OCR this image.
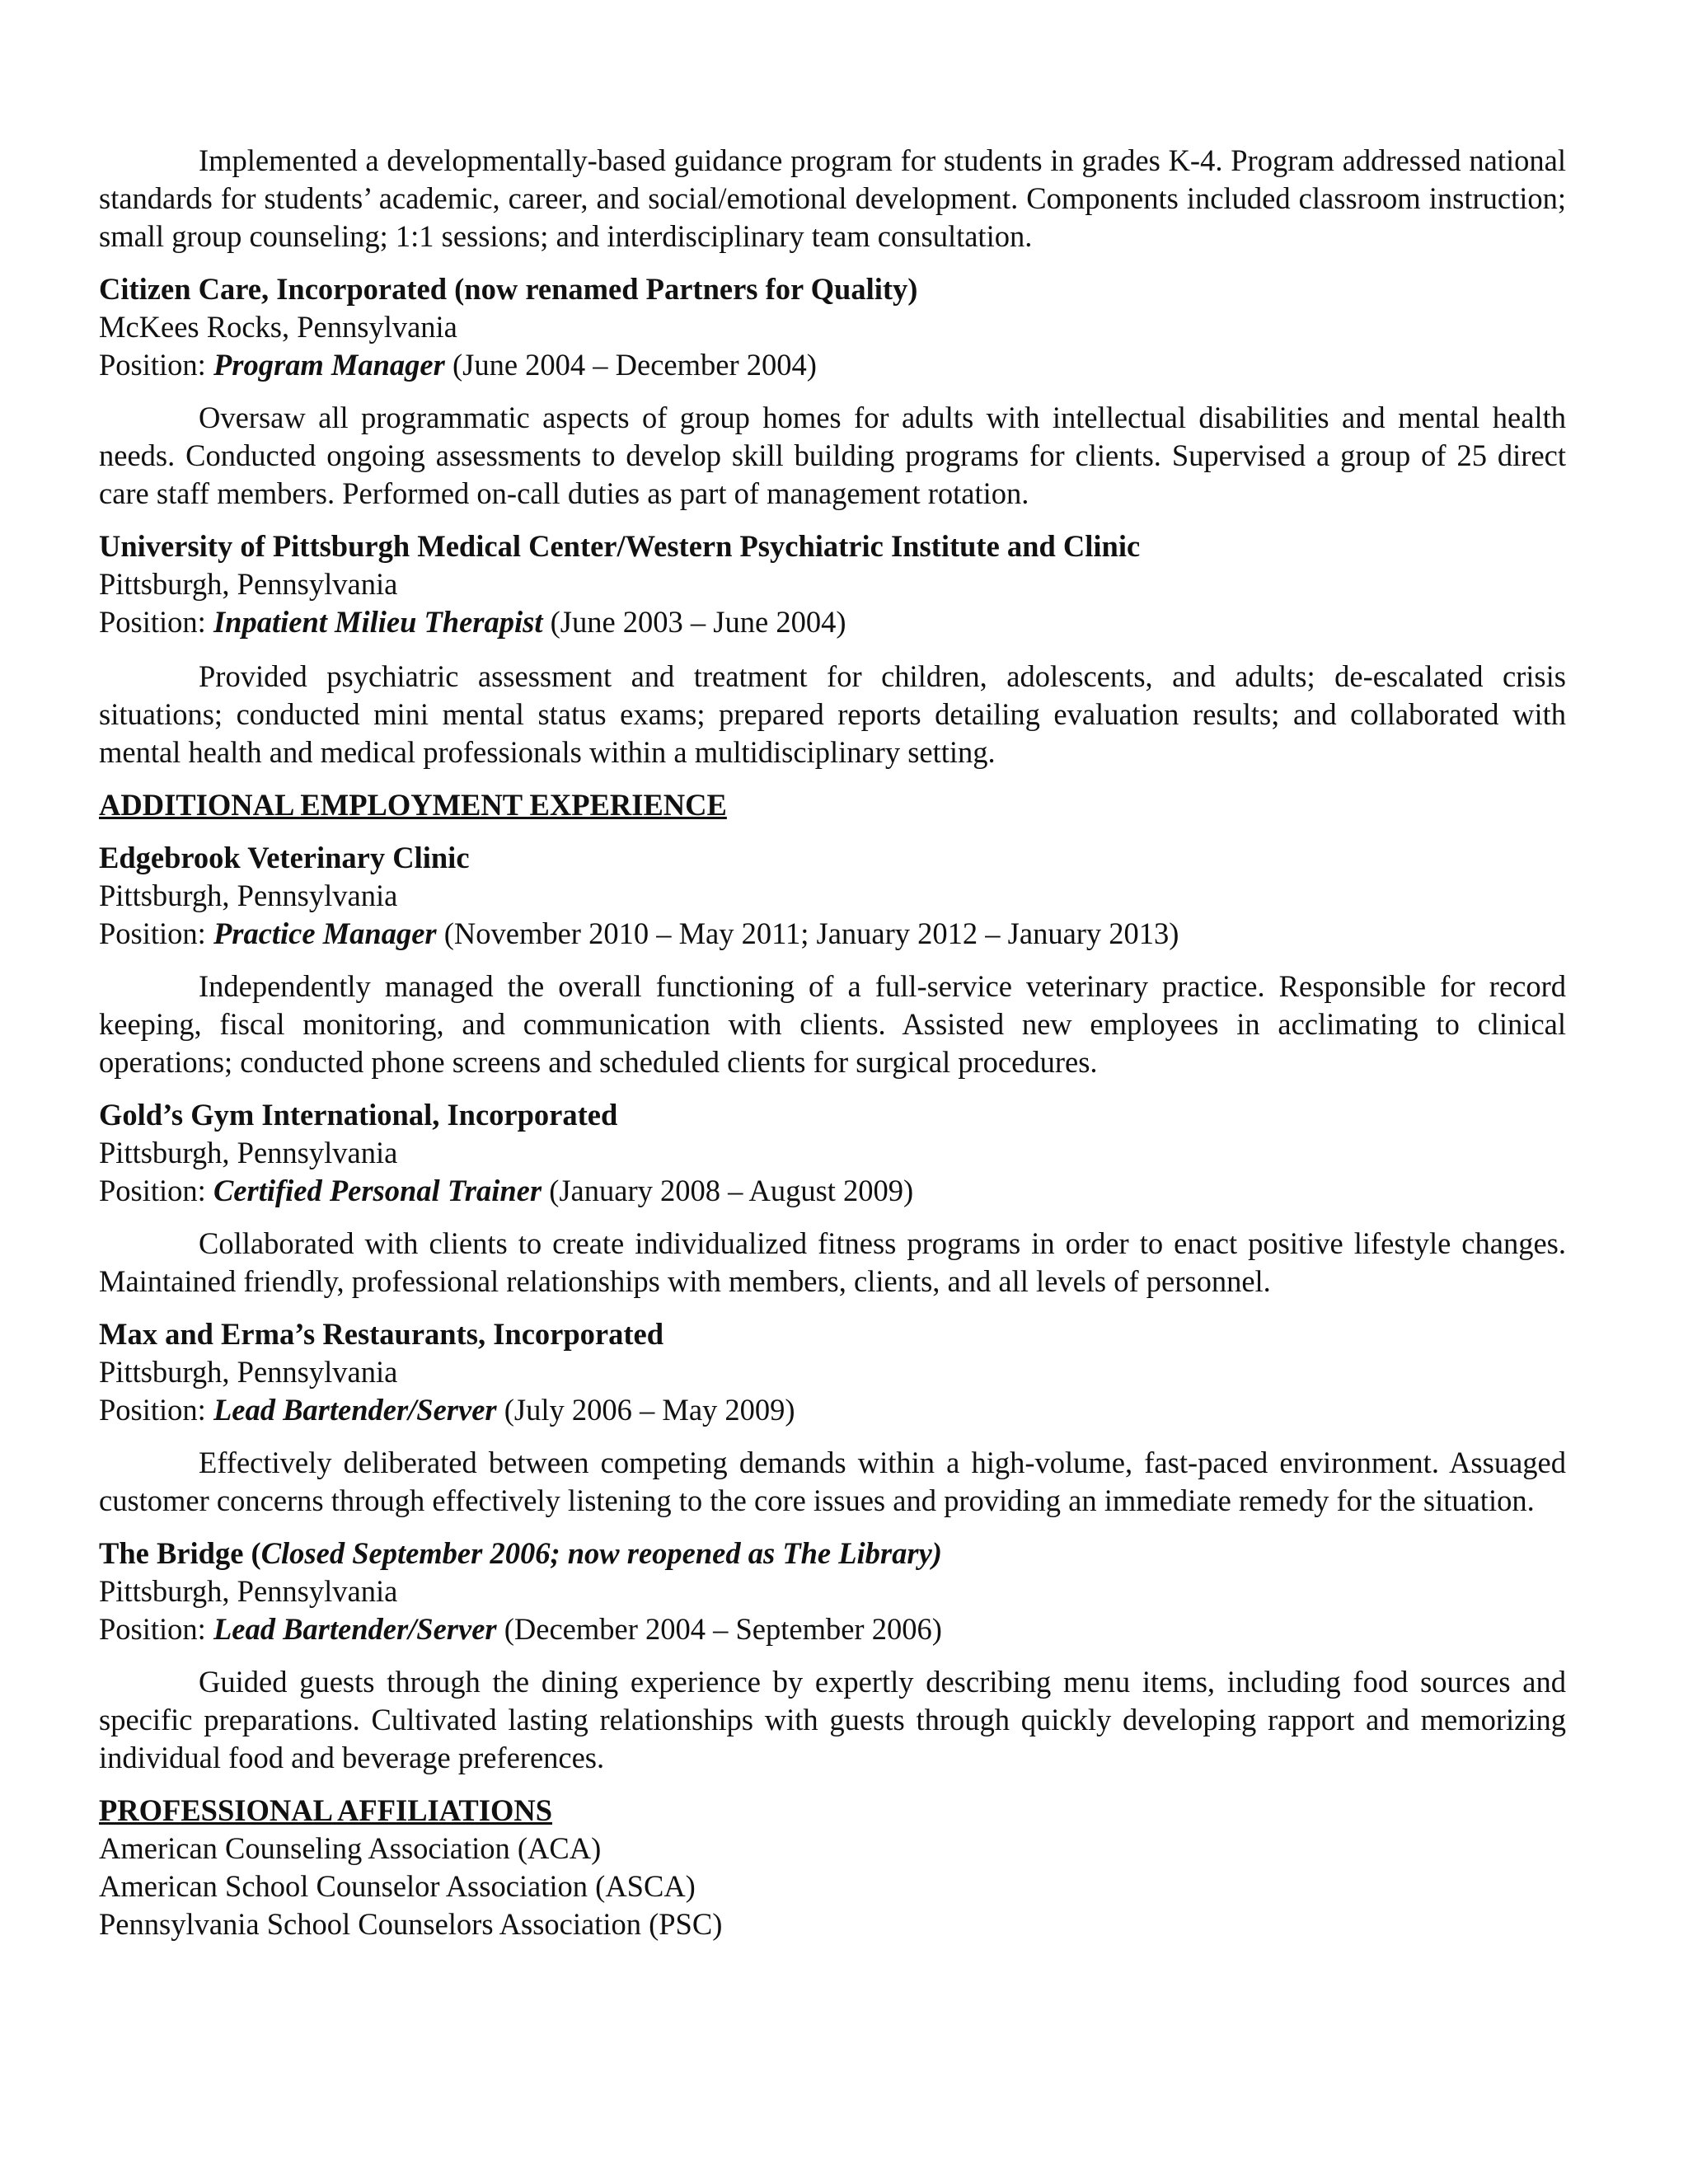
Implemented a developmentally-based guidance program for students in grades K-4. Program addressed national standards for students’ academic, career, and social/emotional development. Components included classroom instruction; small group counseling; 1:1 sessions; and interdisciplinary team consultation.

Citizen Care, Incorporated (now renamed Partners for Quality)

McKees Rocks, Pennsylvania

Position: Program Manager (June 2004 – December 2004)

Oversaw all programmatic aspects of group homes for adults with intellectual disabilities and mental health needs. Conducted ongoing assessments to develop skill building programs for clients. Supervised a group of 25 direct care staff members. Performed on-call duties as part of management rotation.

University of Pittsburgh Medical Center/Western Psychiatric Institute and Clinic

Pittsburgh, Pennsylvania

Position: Inpatient Milieu Therapist (June 2003 – June 2004)

Provided psychiatric assessment and treatment for children, adolescents, and adults; de-escalated crisis situations; conducted mini mental status exams; prepared reports detailing evaluation results; and collaborated with mental health and medical professionals within a multidisciplinary setting.

ADDITIONAL EMPLOYMENT EXPERIENCE

Edgebrook Veterinary Clinic

Pittsburgh, Pennsylvania

Position: Practice Manager (November 2010 – May 2011; January 2012 – January 2013)

Independently managed the overall functioning of a full-service veterinary practice. Responsible for record keeping, fiscal monitoring, and communication with clients. Assisted new employees in acclimating to clinical operations; conducted phone screens and scheduled clients for surgical procedures.

Gold’s Gym International, Incorporated

Pittsburgh, Pennsylvania

Position: Certified Personal Trainer (January 2008 – August 2009)

Collaborated with clients to create individualized fitness programs in order to enact positive lifestyle changes. Maintained friendly, professional relationships with members, clients, and all levels of personnel.

Max and Erma’s Restaurants, Incorporated

Pittsburgh, Pennsylvania

Position: Lead Bartender/Server (July 2006 – May 2009)

Effectively deliberated between competing demands within a high-volume, fast-paced environment. Assuaged customer concerns through effectively listening to the core issues and providing an immediate remedy for the situation.

The Bridge (Closed September 2006; now reopened as The Library)

Pittsburgh, Pennsylvania

Position: Lead Bartender/Server (December 2004 – September 2006)

Guided guests through the dining experience by expertly describing menu items, including food sources and specific preparations. Cultivated lasting relationships with guests through quickly developing rapport and memorizing individual food and beverage preferences.

PROFESSIONAL AFFILIATIONS

American Counseling Association (ACA)

American School Counselor Association (ASCA)

Pennsylvania School Counselors Association (PSC)
